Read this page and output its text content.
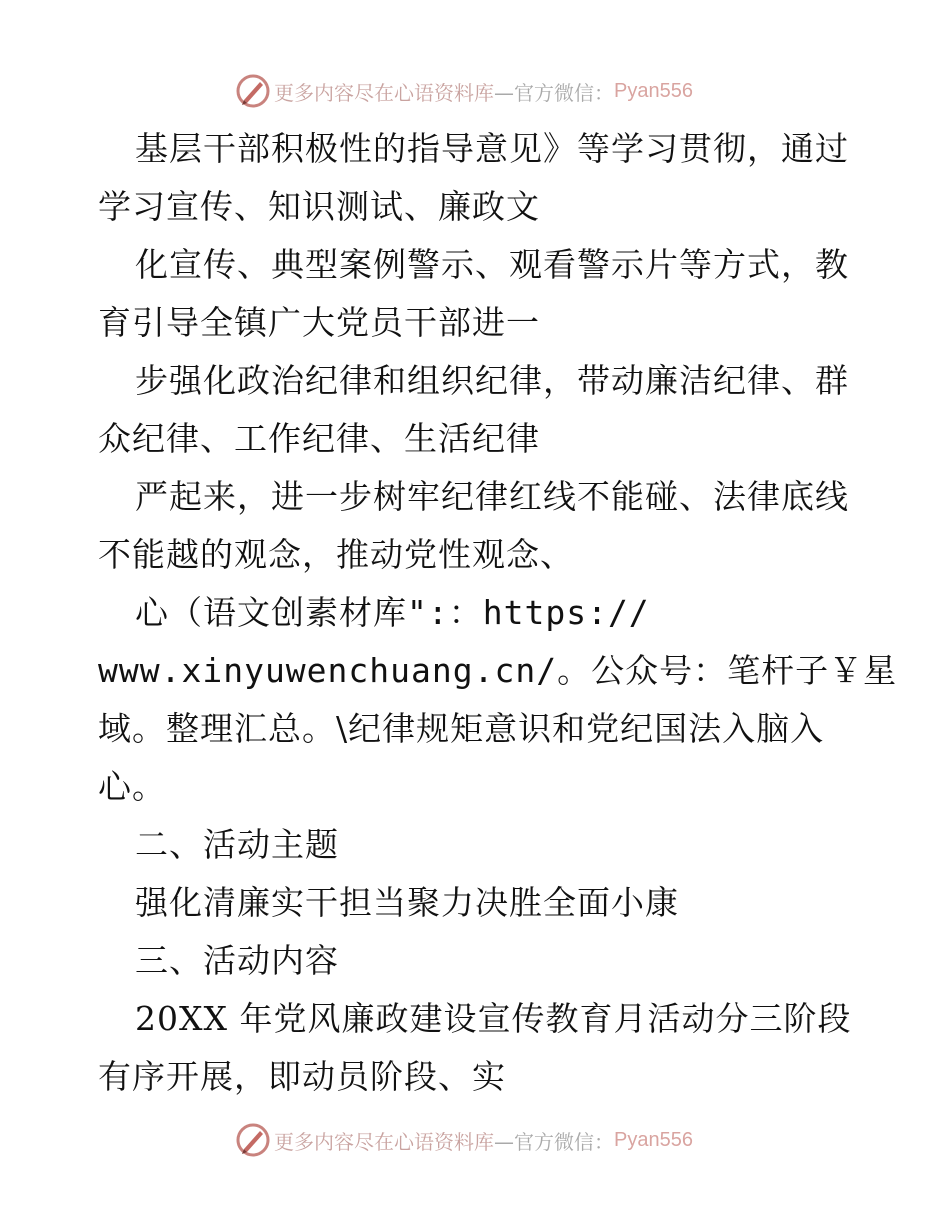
更多内容尽在心语资料库 —官方微信： Pyan556
基层干部积极性的指导意见》等学习贯彻，通过
学习宣传、知识测试、廉政文
化宣传、典型案例警示、观看警示片等方式，教
育引导全镇广大党员干部进一
步强化政治纪律和组织纪律，带动廉洁纪律、群
众纪律、工作纪律、生活纪律
严起来，进一步树牢纪律红线不能碰、法律底线
不能越的观念，推动党性观念、
心（语文创素材库":：https://
www.xinyuwenchuang.cn/。公众号：笔杆子￥星
域。整理汇总。\纪律规矩意识和党纪国法入脑入
心。
二、活动主题
强化清廉实干担当聚力决胜全面小康
三、活动内容
20XX 年党风廉政建设宣传教育月活动分三阶段
有序开展，即动员阶段、实
更多内容尽在心语资料库 —官方微信： Pyan556
